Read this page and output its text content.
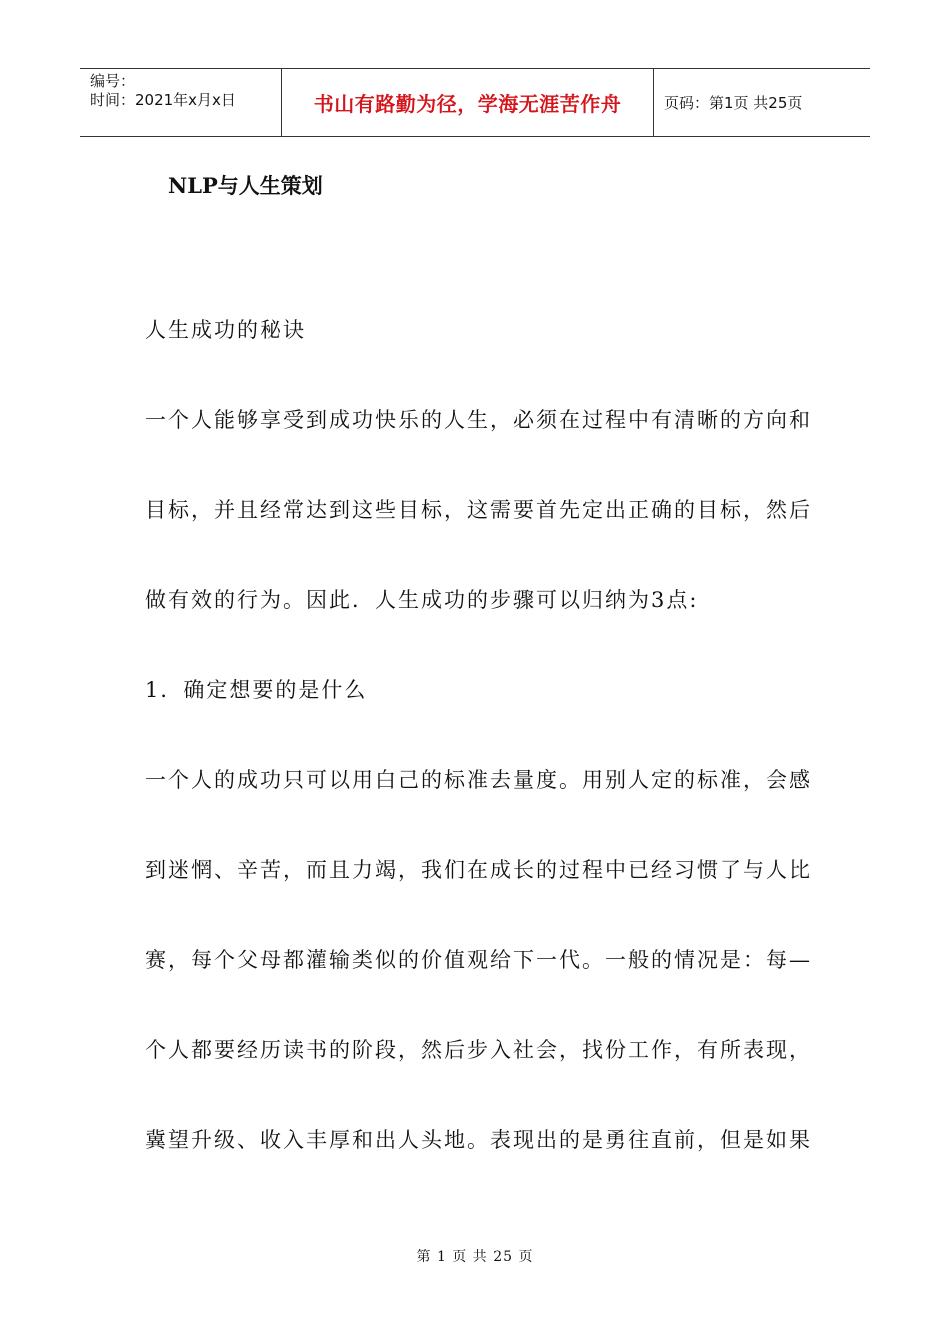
编号：
时间：2021年x月x日	书山有路勤为径，学海无涯苦作舟	页码：第1页 共25页
NLP与人生策划
人生成功的秘诀
一个人能够享受到成功快乐的人生，必须在过程中有清晰的方向和
目标，并且经常达到这些目标，这需要首先定出正确的目标，然后
做有效的行为。因此．人生成功的步骤可以归纳为3点:
1．确定想要的是什么
一个人的成功只可以用白己的标准去量度。用别人定的标准，会感
到迷惘、辛苦，而且力竭，我们在成长的过程中已经习惯了与人比
赛，每个父母都灌输类似的价值观给下一代。一般的情况是：每—
个人都要经历读书的阶段，然后步入社会，找份工作，有所表现，
冀望升级、收入丰厚和出人头地。表现出的是勇往直前，但是如果
第 1 页 共 25 页
